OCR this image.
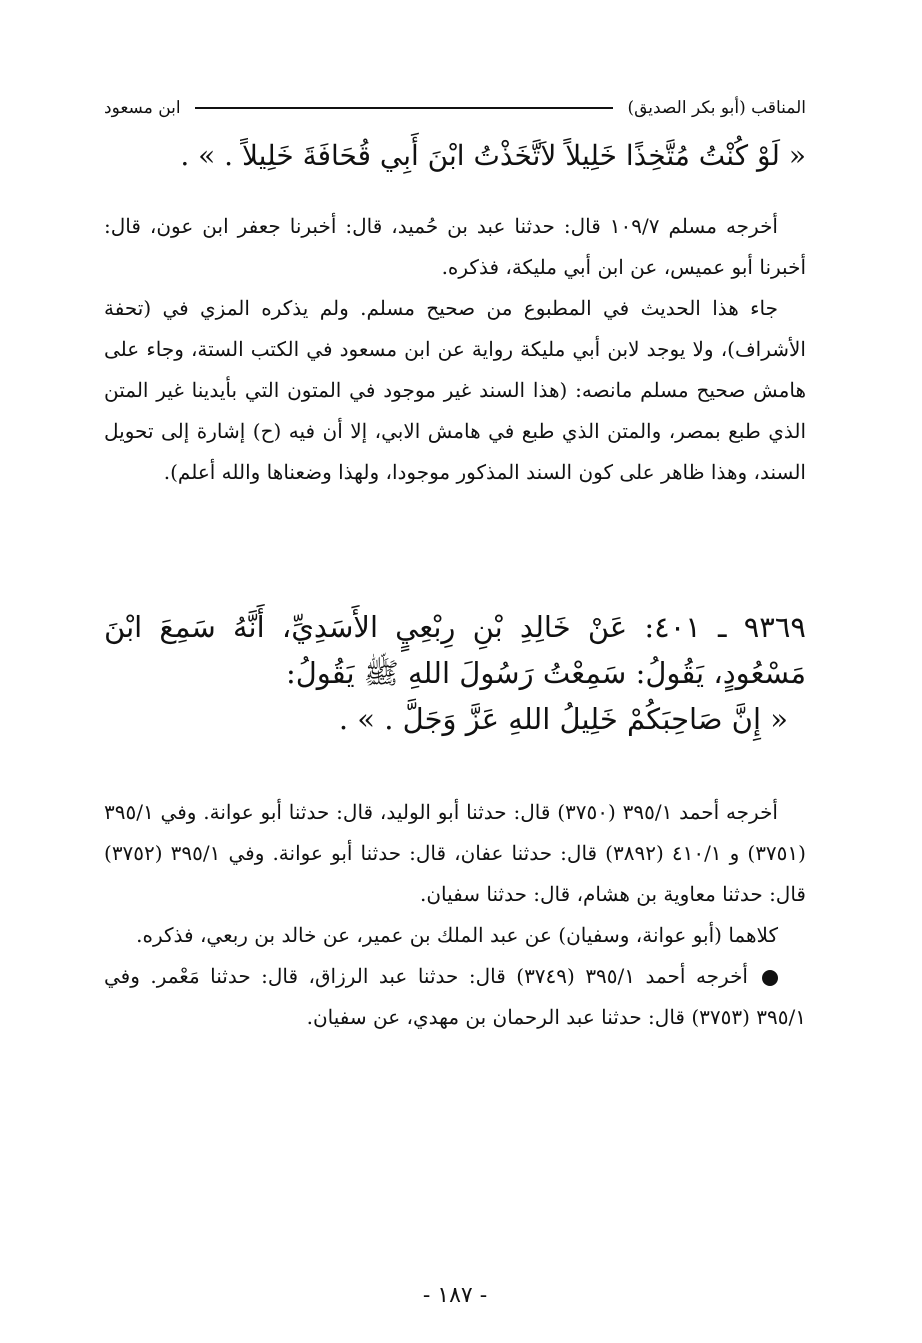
المناقب (أبو بكر الصديق)
ابن مسعود
« لَوْ كُنْتُ مُتَّخِذًا خَلِيلاً لاَتَّخَذْتُ ابْنَ أَبِي قُحَافَةَ خَلِيلاً . » .

أخرجه مسلم ١٠٩/٧ قال: حدثنا عبد بن حُميد، قال: أخبرنا جعفر ابن عون، قال: أخبرنا أبو عميس، عن ابن أبي مليكة، فذكره.

جاء هذا الحديث في المطبوع من صحيح مسلم. ولم يذكره المزي في (تحفة الأشراف)، ولا يوجد لابن أبي مليكة رواية عن ابن مسعود في الكتب الستة، وجاء على هامش صحيح مسلم مانصه: (هذا السند غير موجود في المتون التي بأيدينا غير المتن الذي طبع بمصر، والمتن الذي طبع في هامش الابي، إلا أن فيه (ح) إشارة إلى تحويل السند، وهذا ظاهر على كون السند المذكور موجودا، ولهذا وضعناها والله أعلم).

٩٣٦٩ ـ ٤٠١: عَنْ خَالِدِ بْنِ رِبْعِيٍ الأَسَدِيِّ، أَنَّهُ سَمِعَ ابْنَ مَسْعُودٍ، يَقُولُ: سَمِعْتُ رَسُولَ اللهِ ﷺ يَقُولُ:

« إِنَّ صَاحِبَكُمْ خَلِيلُ اللهِ عَزَّ وَجَلَّ . » .

أخرجه أحمد ٣٩٥/١ (٣٧٥٠) قال: حدثنا أبو الوليد، قال: حدثنا أبو عوانة. وفي ٣٩٥/١ (٣٧٥١) و ٤١٠/١ (٣٨٩٢) قال: حدثنا عفان، قال: حدثنا أبو عوانة. وفي ٣٩٥/١ (٣٧٥٢) قال: حدثنا معاوية بن هشام، قال: حدثنا سفيان.

كلاهما (أبو عوانة، وسفيان) عن عبد الملك بن عمير، عن خالد بن ربعي، فذكره.

أخرجه أحمد ٣٩٥/١ (٣٧٤٩) قال: حدثنا عبد الرزاق، قال: حدثنا مَعْمر. وفي ٣٩٥/١ (٣٧٥٣) قال: حدثنا عبد الرحمان بن مهدي، عن سفيان.

- ١٨٧ -
